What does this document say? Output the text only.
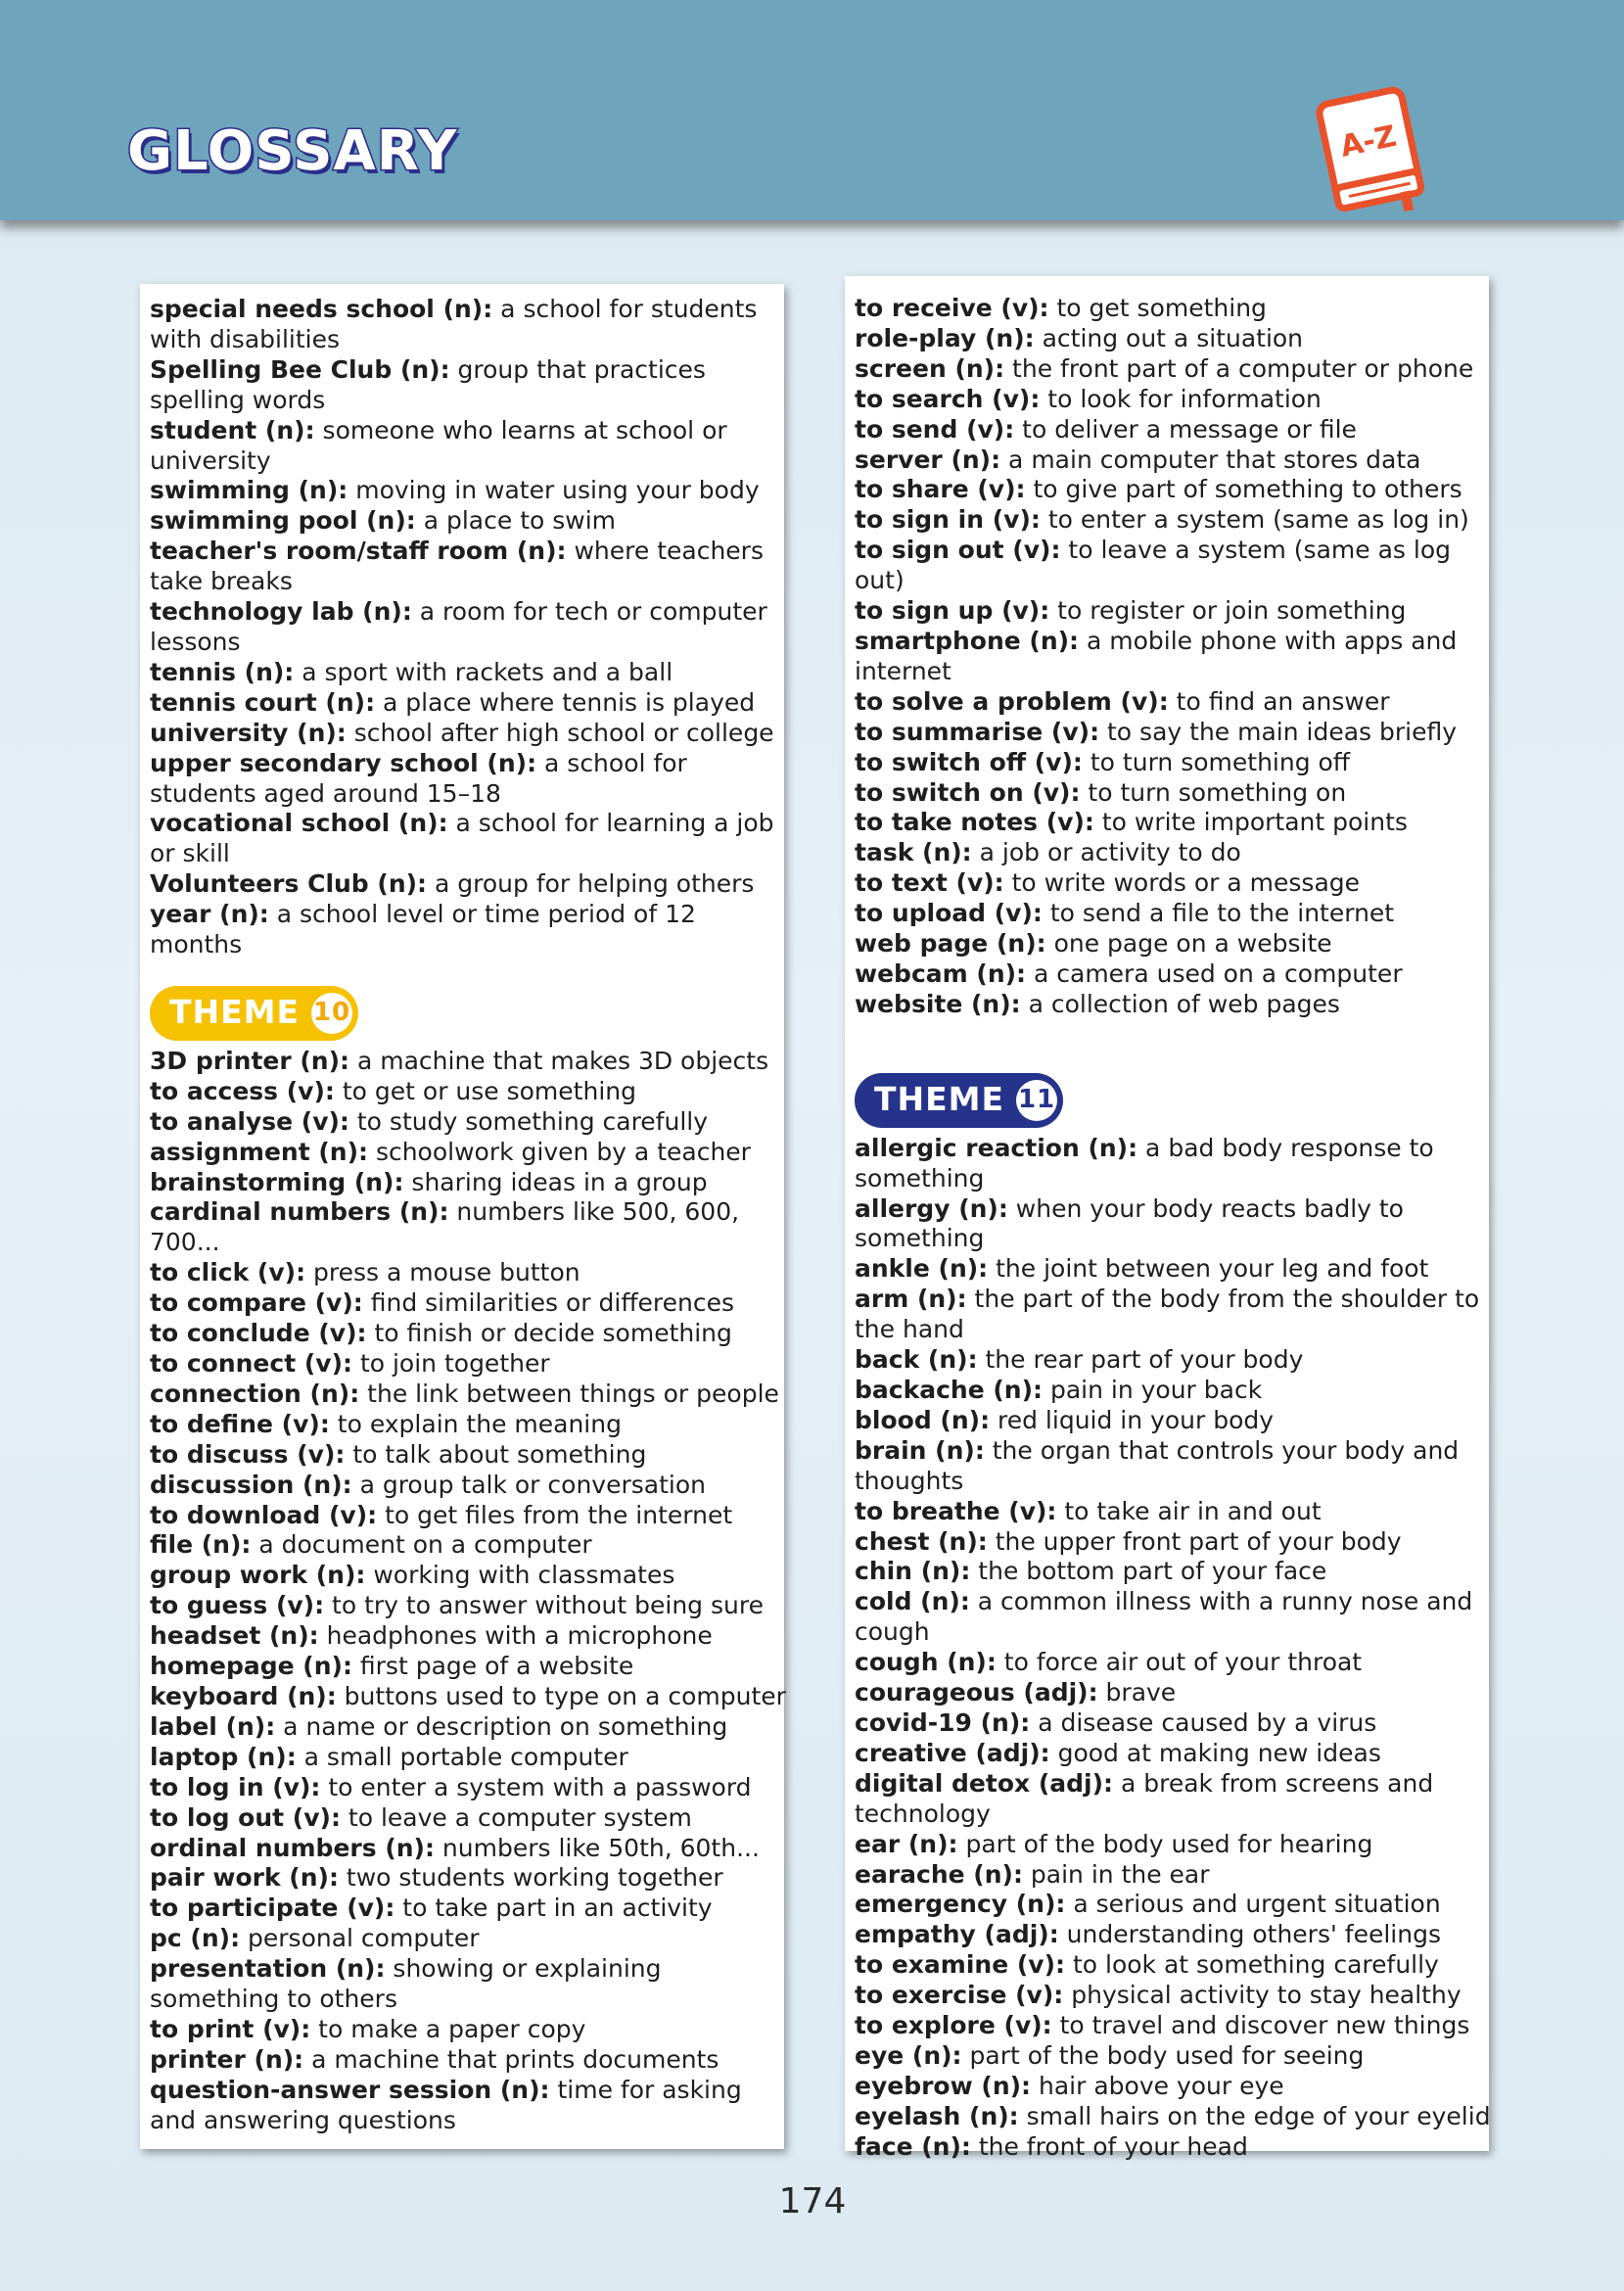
GLOSSARY	A-Z

special needs school (n): a school for students with disabilities

Spelling Bee Club (n): group that practices spelling words

student (n): someone who learns at school or university

swimming (n): moving in water using your body

swimming pool (n): a place to swim

teacher's room/staff room (n): where teachers take breaks

technology lab (n): a room for tech or computer lessons

tennis (n): a sport with rackets and a ball

tennis court (n): a place where tennis is played

university (n): school after high school or college

upper secondary school (n): a school for students aged around 15–18

vocational school (n): a school for learning a job or skill

Volunteers Club (n): a group for helping others

year (n): a school level or time period of 12 months

THEME 10

3D printer (n): a machine that makes 3D objects

to access (v): to get or use something

to analyse (v): to study something carefully

assignment (n): schoolwork given by a teacher

brainstorming (n): sharing ideas in a group

cardinal numbers (n): numbers like 500, 600, 700...

to click (v): press a mouse button

to compare (v): find similarities or differences

to conclude (v): to finish or decide something

to connect (v): to join together

connection (n): the link between things or people

to define (v): to explain the meaning

to discuss (v): to talk about something

discussion (n): a group talk or conversation

to download (v): to get files from the internet

file (n): a document on a computer

group work (n): working with classmates

to guess (v): to try to answer without being sure

headset (n): headphones with a microphone

homepage (n): first page of a website

keyboard (n): buttons used to type on a computer

label (n): a name or description on something

laptop (n): a small portable computer

to log in (v): to enter a system with a password

to log out (v): to leave a computer system

ordinal numbers (n): numbers like 50th, 60th...

pair work (n): two students working together

to participate (v): to take part in an activity

pc (n): personal computer

presentation (n): showing or explaining something to others

to print (v): to make a paper copy

printer (n): a machine that prints documents

question-answer session (n): time for asking and answering questions

to receive (v): to get something

role-play (n): acting out a situation

screen (n): the front part of a computer or phone

to search (v): to look for information

to send (v): to deliver a message or file

server (n): a main computer that stores data

to share (v): to give part of something to others

to sign in (v): to enter a system (same as log in)

to sign out (v): to leave a system (same as log out)

to sign up (v): to register or join something

smartphone (n): a mobile phone with apps and internet

to solve a problem (v): to find an answer

to summarise (v): to say the main ideas briefly

to switch off (v): to turn something off

to switch on (v): to turn something on

to take notes (v): to write important points

task (n): a job or activity to do

to text (v): to write words or a message

to upload (v): to send a file to the internet

web page (n): one page on a website

webcam (n): a camera used on a computer

website (n): a collection of web pages

THEME 11

allergic reaction (n): a bad body response to something

allergy (n): when your body reacts badly to something

ankle (n): the joint between your leg and foot

arm (n): the part of the body from the shoulder to the hand

back (n): the rear part of your body

backache (n): pain in your back

blood (n): red liquid in your body

brain (n): the organ that controls your body and thoughts

to breathe (v): to take air in and out

chest (n): the upper front part of your body

chin (n): the bottom part of your face

cold (n): a common illness with a runny nose and cough

cough (n): to force air out of your throat

courageous (adj): brave

covid-19 (n): a disease caused by a virus

creative (adj): good at making new ideas

digital detox (adj): a break from screens and technology

ear (n): part of the body used for hearing

earache (n): pain in the ear

emergency (n): a serious and urgent situation

empathy (adj): understanding others' feelings

to examine (v): to look at something carefully

to exercise (v): physical activity to stay healthy

to explore (v): to travel and discover new things

eye (n): part of the body used for seeing

eyebrow (n): hair above your eye

eyelash (n): small hairs on the edge of your eyelid

face (n): the front of your head

174
